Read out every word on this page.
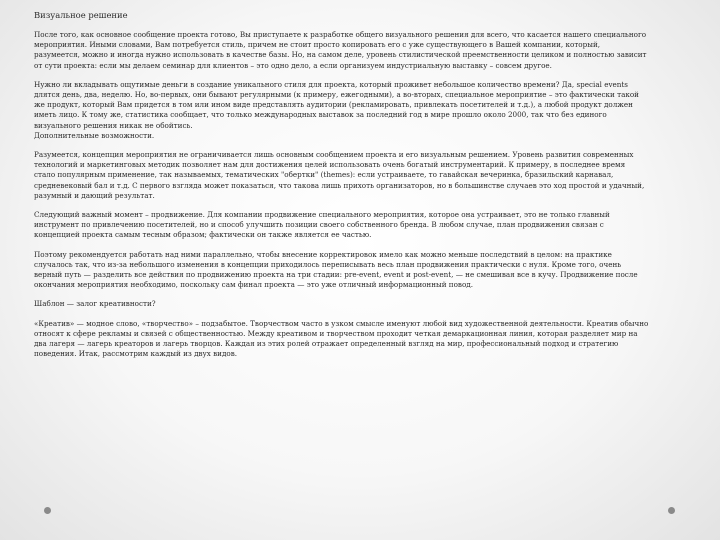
Визуальное решение
После того, как основное сообщение проекта готово, Вы приступаете к разработке общего визуального решения для всего, что касается нашего специального
мероприятия. Иными словами, Вам потребуется стиль, причем не стоит просто копировать его с уже существующего в Вашей компании, который,
разумеется, можно и иногда нужно использовать в качестве базы. Но, на самом деле, уровень стилистической преемственности целиком и полностью зависит
от сути проекта: если мы делаем семинар для клиентов – это одно дело, а если организуем индустриальную выставку – совсем другое.
Нужно ли вкладывать ощутимые деньги в создание уникального стиля для проекта, который проживет небольшое количество времени? Да, special events
длятся день, два, неделю. Но, во-первых, они бывают регулярными (к примеру, ежегодными), а во-вторых, специальное мероприятие – это фактически такой
же продукт, который Вам придется в том или ином виде представлять аудитории (рекламировать, привлекать посетителей и т.д.), а любой продукт должен
иметь лицо. К тому же, статистика сообщает, что только международных выставок за последний год в мире прошло около 2000, так что без единого
визуального решения никак не обойтись.
Дополнительные возможности.
Разумеется, концепция мероприятия не ограничивается лишь основным сообщением проекта и его визуальным решением. Уровень развития современных
технологий и маркетинговых методик позволяет нам для достижения целей использовать очень богатый инструментарий. К примеру, в последнее время
стало популярным применение, так называемых, тематических "обертки" (themes): если устраиваете, то гавайская вечеринка, бразильский карнавал,
средневековый бал и т.д. С первого взгляда может показаться, что такова лишь прихоть организаторов, но в большинстве случаев это ход простой и удачный,
разумный и дающий результат.
Следующий важный момент – продвижение. Для компании продвижение специального мероприятия, которое она устраивает, это не только главный
инструмент по привлечению посетителей, но и способ улучшить позиции своего собственного бренда. В любом случае, план продвижения связан с
концепцией проекта самым тесным образом; фактически он также является ее частью.
Поэтому рекомендуется работать над ними параллельно, чтобы внесение корректировок имело как можно меньше последствий в целом: на практике
случалось так, что из-за небольшого изменения в концепции приходилось переписывать весь план продвижения практически с нуля. Кроме того, очень
верный путь — разделить все действия по продвижению проекта на три стадии: pre-event, event и post-event, — не смешивая все в кучу. Продвижение после
окончания мероприятия необходимо, поскольку сам финал проекта — это уже отличный информационный повод.
Шаблон — залог креативности?
«Креатив» — модное слово, «творчество» – подзабытое. Творчеством часто в узком смысле именуют любой вид художественной деятельности. Креатив обычно
относят к сфере рекламы и связей с общественностью. Между креативом и творчеством проходит четкая демаркационная линия, которая разделяет мир на
два лагеря — лагерь креаторов и лагерь творцов. Каждая из этих ролей отражает определенный взгляд на мир, профессиональный подход и стратегию
поведения. Итак, рассмотрим каждый из двух видов.
